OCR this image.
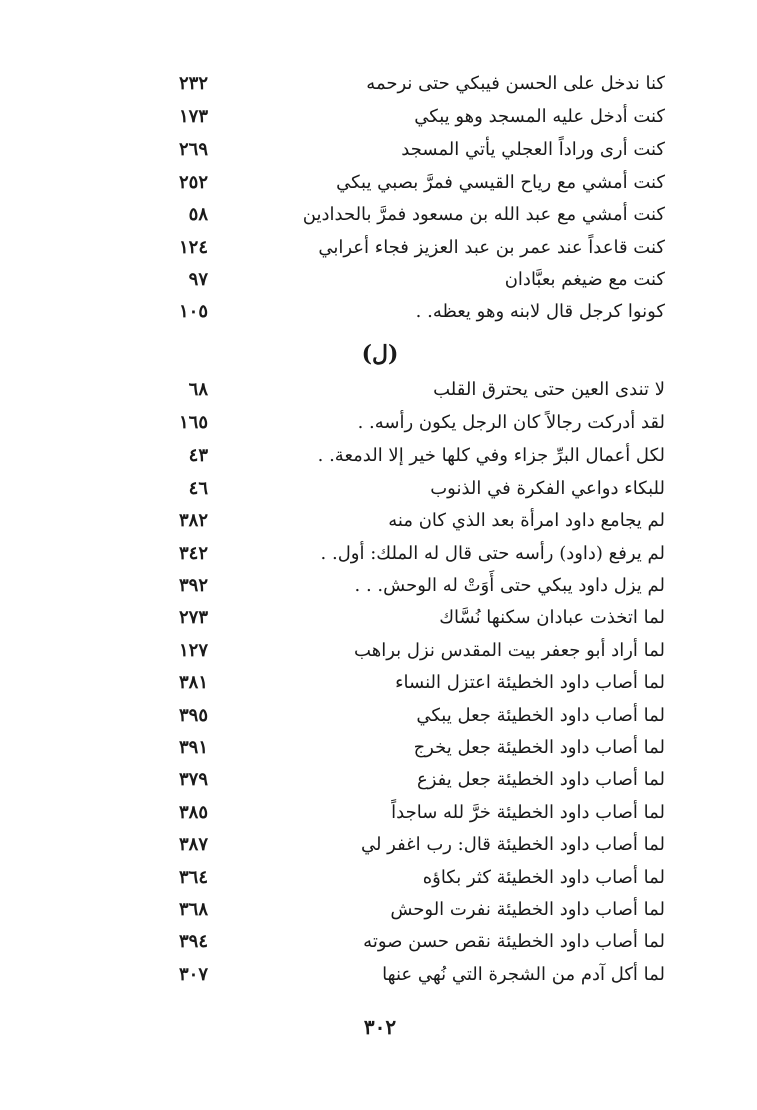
كنا ندخل على الحسن فيبكي حتى نرحمه
٢٣٢
كنت أدخل عليه المسجد وهو يبكي
١٧٣
كنت أرى وراداً العجلي يأتي المسجد
٢٦٩
كنت أمشي مع رياح القيسي فمرَّ بصبي يبكي
٢٥٢
كنت أمشي مع عبد الله بن مسعود فمرَّ بالحدادين
٥٨
كنت قاعداً عند عمر بن عبد العزيز فجاء أعرابي
١٢٤
كنت مع ضيغم بعبَّادان
٩٧
كونوا كرجل قال لابنه وهو يعظه. .
١٠٥
(ل)
لا تندى العين حتى يحترق القلب
٦٨
لقد أدركت رجالاً كان الرجل يكون رأسه. .
١٦٥
لكل أعمال البرِّ جزاء وفي كلها خير إلا الدمعة. .
٤٣
للبكاء دواعي الفكرة في الذنوب
٤٦
لم يجامع داود امرأة بعد الذي كان منه
٣٨٢
لم يرفع (داود) رأسه حتى قال له الملك: أول. .
٣٤٢
لم يزل داود يبكي حتى أَوَتْ له الوحش. . .
٣٩٢
لما اتخذت عبادان سكنها نُسَّاك
٢٧٣
لما أراد أبو جعفر بيت المقدس نزل براهب
١٢٧
لما أصاب داود الخطيئة اعتزل النساء
٣٨١
لما أصاب داود الخطيئة جعل يبكي
٣٩٥
لما أصاب داود الخطيئة جعل يخرج
٣٩١
لما أصاب داود الخطيئة جعل يفزع
٣٧٩
لما أصاب داود الخطيئة خرَّ لله ساجداً
٣٨٥
لما أصاب داود الخطيئة قال: رب اغفر لي
٣٨٧
لما أصاب داود الخطيئة كثر بكاؤه
٣٦٤
لما أصاب داود الخطيئة نفرت الوحش
٣٦٨
لما أصاب داود الخطيئة نقص حسن صوته
٣٩٤
لما أكل آدم من الشجرة التي نُهي عنها
٣٠٧
٣٠٢
